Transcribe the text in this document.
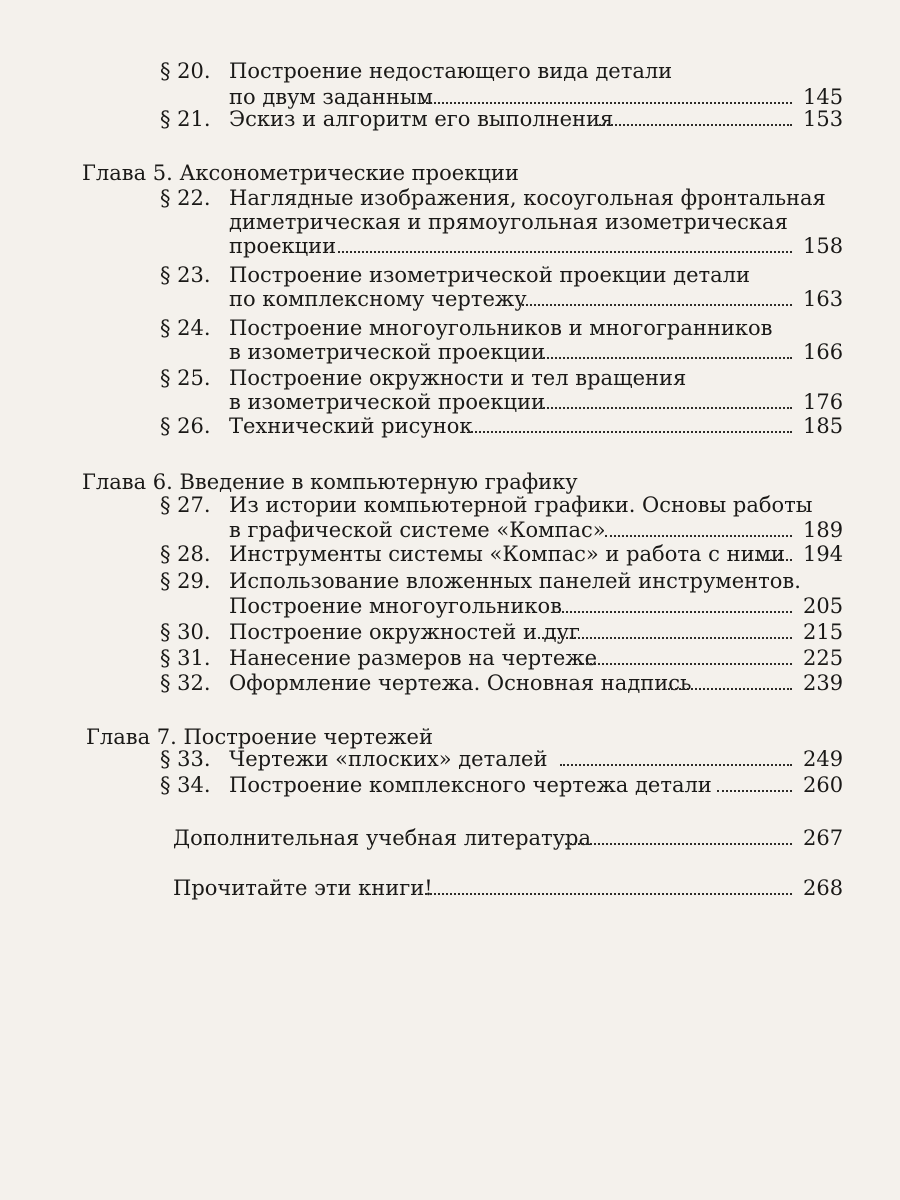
§ 20. Построение недостающего вида детали
по двум заданным	145
§ 21. Эскиз и алгоритм его выполнения	153
Глава 5. Аксонометрические проекции
§ 22. Наглядные изображения, косоугольная фронтальная
диметрическая и прямоугольная изометрическая
проекции	158
§ 23. Построение изометрической проекции детали
по комплексному чертежу	163
§ 24. Построение многоугольников и многогранников
в изометрической проекции	166
§ 25. Построение окружности и тел вращения
в изометрической проекции	176
§ 26. Технический рисунок	185
Глава 6. Введение в компьютерную графику
§ 27. Из истории компьютерной графики. Основы работы
в графической системе «Компас»	189
§ 28. Инструменты системы «Компас» и работа с ними 194
§ 29. Использование вложенных панелей инструментов.
Построение многоугольников	205
§ 30. Построение окружностей и дуг	215
§ 31. Нанесение размеров на чертеже	225
§ 32. Оформление чертежа. Основная надпись	239
Глава 7. Построение чертежей
§ 33. Чертежи «плоских» деталей	249
§ 34. Построение комплексного чертежа детали	260
Дополнительная учебная литература	267
Прочитайте эти книги!	268
